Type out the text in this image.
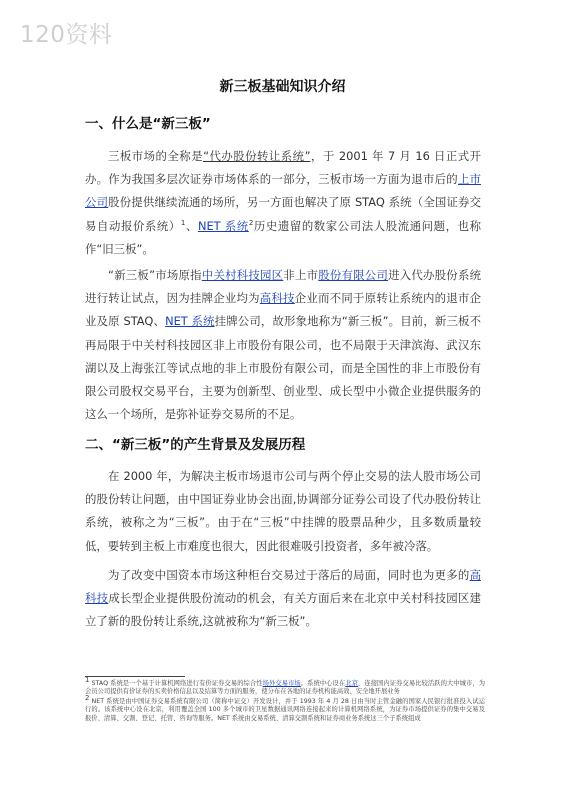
120资料
新三板基础知识介绍
一、什么是“新三板”

三板市场的全称是“代办股份转让系统”，于 2001 年 7 月 16 日正式开办。作为我国多层次证券市场体系的一部分，三板市场一方面为退市后的上市公司股份提供继续流通的场所，另一方面也解决了原 STAQ 系统（全国证券交易自动报价系统）$^1$、NET 系统$^2$历史遗留的数家公司法人股流通问题，也称作“旧三板”。

“新三板”市场原指中关村科技园区非上市股份有限公司进入代办股份系统进行转让试点，因为挂牌企业均为高科技企业而不同于原转让系统内的退市企业及原 STAQ、NET 系统挂牌公司，故形象地称为“新三板”。目前，新三板不再局限于中关村科技园区非上市股份有限公司，也不局限于天津滨海、武汉东湖以及上海张江等试点地的非上市股份有限公司，而是全国性的非上市股份有限公司股权交易平台，主要为创新型、创业型、成长型中小微企业提供服务的这么一个场所，是弥补证券交易所的不足。

二、“新三板”的产生背景及发展历程

在 2000 年，为解决主板市场退市公司与两个停止交易的法人股市场公司的股份转让问题，由中国证券业协会出面,协调部分证券公司设了代办股份转让系统，被称之为“三板”。由于在“三板”中挂牌的股票品种少，且多数质量较低，要转到主板上市难度也很大，因此很难吸引投资者，多年被冷落。

为了改变中国资本市场这种柜台交易过于落后的局面，同时也为更多的高科技成长型企业提供股份流动的机会，有关方面后来在北京中关村科技园区建立了新的股份转让系统,这就被称为“新三板”。

1 STAQ 系统是一个基于计算机网络进行有价证券交易的综合性场外交易市场。系统中心设在北京，连接国内证券交易比较活跃的大中城市，为会员公司提供有价证券的买卖价格信息以及结算等方面的服务，使分布在各地的证券机构能高效、安全地开展业务

2 NET 系统是由中国证券交易系统有限公司（简称中证交）开发设计，并于 1993 年 4 月 28 日由当时主管金融的国家人民银行批准投入试运行的。该系统中心设在北京，利用覆盖全国 100 多个城市的卫星数据通讯网络连接起来的计算机网络系统，为证券市场提供证券的集中交易及报价、清算、交割、登记、托管、咨询等服务。NET 系统由交易系统、清算交割系统和证券商业务系统这三个子系统组成
